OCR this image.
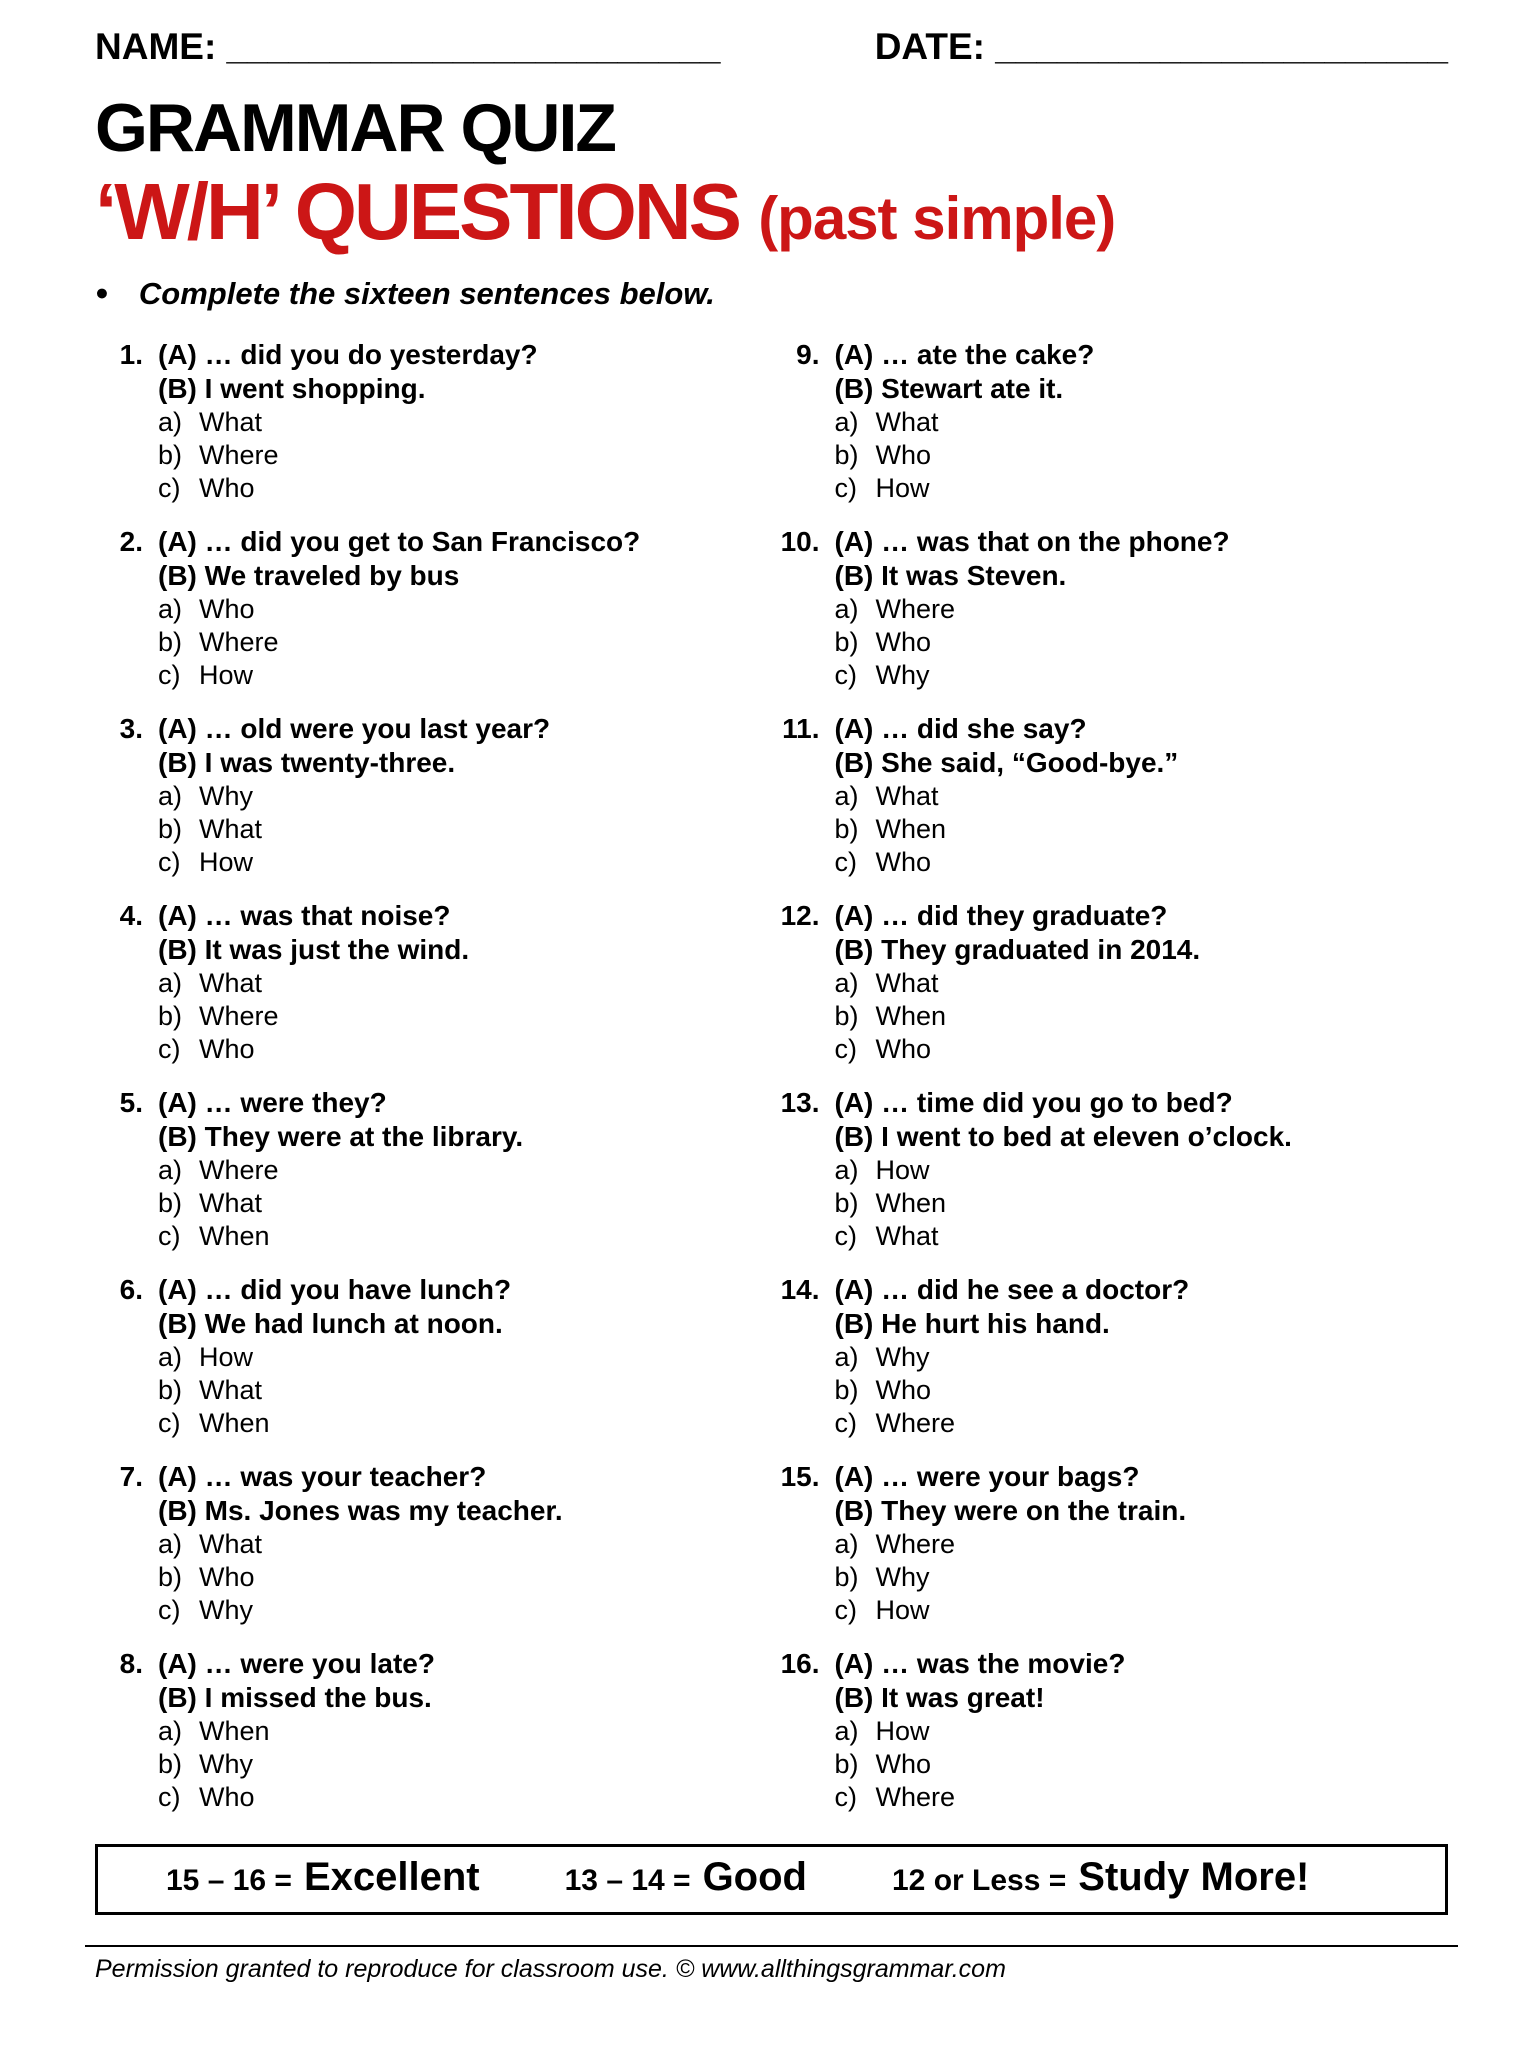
NAME: ________________________	DATE: ______________________
GRAMMAR QUIZ
‘W/H’ QUESTIONS (past simple)
● Complete the sixteen sentences below.
1. (A) … did you do yesterday?
(B) I went shopping.
a) What
b) Where
c) Who
2. (A) … did you get to San Francisco?
(B) We traveled by bus
a) Who
b) Where
c) How
3. (A) … old were you last year?
(B) I was twenty-three.
a) Why
b) What
c) How
4. (A) … was that noise?
(B) It was just the wind.
a) What
b) Where
c) Who
5. (A) … were they?
(B) They were at the library.
a) Where
b) What
c) When
6. (A) … did you have lunch?
(B) We had lunch at noon.
a) How
b) What
c) When
7. (A) … was your teacher?
(B) Ms. Jones was my teacher.
a) What
b) Who
c) Why
8. (A) … were you late?
(B) I missed the bus.
a) When
b) Why
c) Who
9. (A) … ate the cake?
(B) Stewart ate it.
a) What
b) Who
c) How
10. (A) … was that on the phone?
(B) It was Steven.
a) Where
b) Who
c) Why
11. (A) … did she say?
(B) She said, “Good-bye.”
a) What
b) When
c) Who
12. (A) … did they graduate?
(B) They graduated in 2014.
a) What
b) When
c) Who
13. (A) … time did you go to bed?
(B) I went to bed at eleven o’clock.
a) How
b) When
c) What
14. (A) … did he see a doctor?
(B) He hurt his hand.
a) Why
b) Who
c) Where
15. (A) … were your bags?
(B) They were on the train.
a) Where
b) Why
c) How
16. (A) … was the movie?
(B) It was great!
a) How
b) Who
c) Where
15 – 16 = Excellent	13 – 14 = Good	12 or Less = Study More!
Permission granted to reproduce for classroom use. © www.allthingsgrammar.com
